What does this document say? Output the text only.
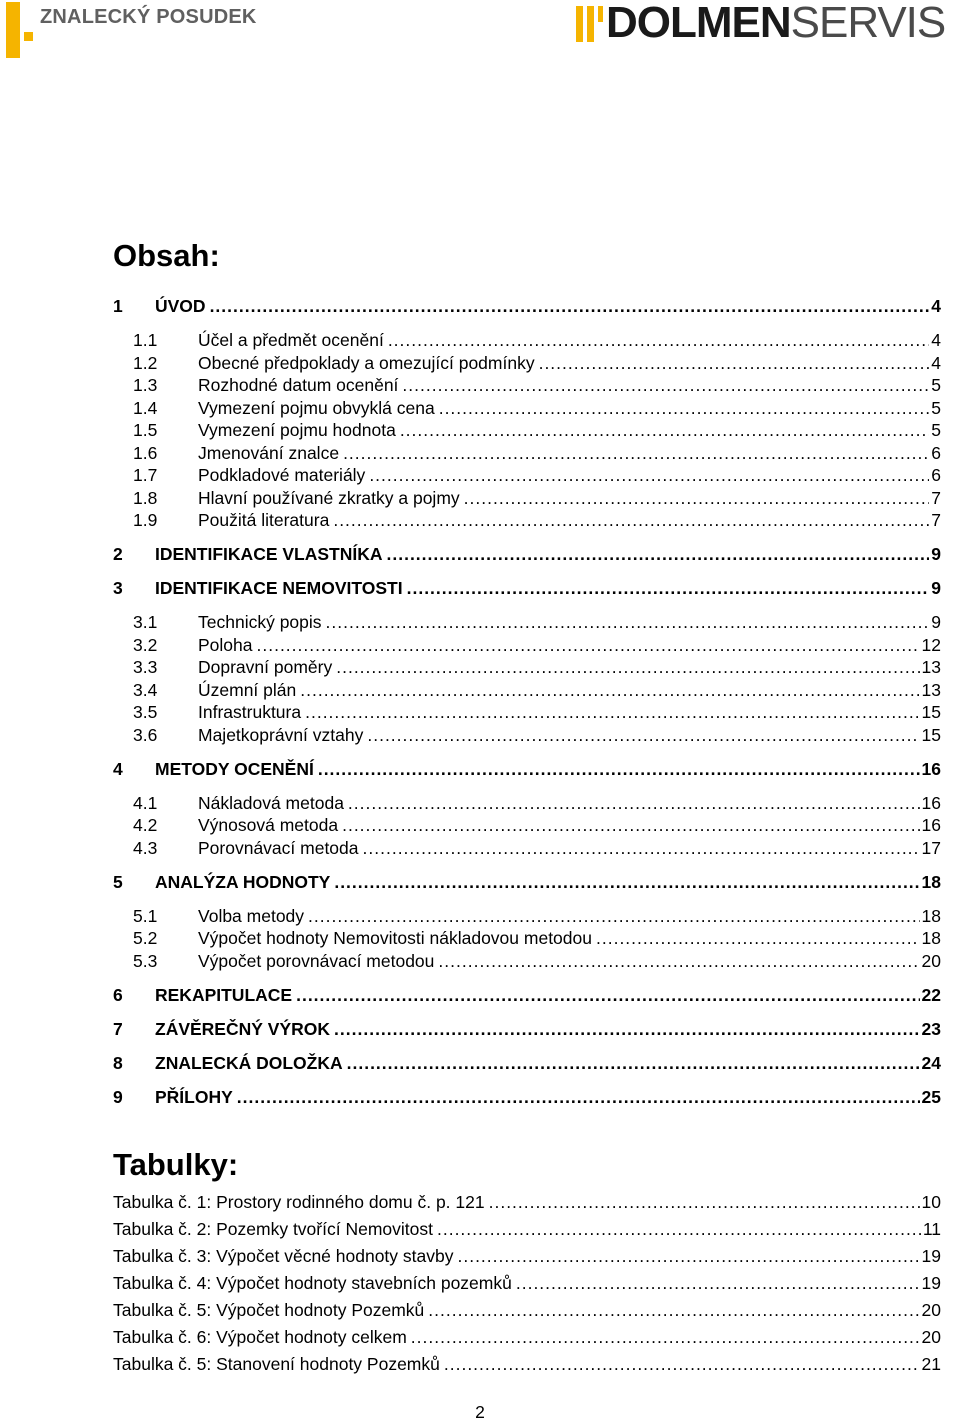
ZNALECKÝ POSUDEK	DOLMENSERVIS
Obsah:
1	ÚVOD .....	4
1.1	Účel a předmět ocenění .....	4
1.2	Obecné předpoklady a omezující podmínky .....	4
1.3	Rozhodné datum ocenění .....	5
1.4	Vymezení pojmu obvyklá cena .....	5
1.5	Vymezení pojmu hodnota .....	5
1.6	Jmenování znalce .....	6
1.7	Podkladové materiály .....	6
1.8	Hlavní používané zkratky a pojmy .....	7
1.9	Použitá literatura .....	7
2	IDENTIFIKACE VLASTNÍKA .....	9
3	IDENTIFIKACE NEMOVITOSTI .....	9
3.1	Technický popis .....	9
3.2	Poloha .....	12
3.3	Dopravní poměry .....	13
3.4	Územní plán .....	13
3.5	Infrastruktura .....	15
3.6	Majetkoprávní vztahy .....	15
4	METODY OCENĚNÍ .....	16
4.1	Nákladová metoda .....	16
4.2	Výnosová metoda .....	16
4.3	Porovnávací metoda .....	17
5	ANALÝZA HODNOTY .....	18
5.1	Volba metody .....	18
5.2	Výpočet hodnoty Nemovitosti nákladovou metodou .....	18
5.3	Výpočet porovnávací metodou .....	20
6	REKAPITULACE .....	22
7	ZÁVĚREČNÝ VÝROK .....	23
8	ZNALECKÁ DOLOŽKA .....	24
9	PŘÍLOHY .....	25
Tabulky:
Tabulka č. 1: Prostory rodinného domu č. p. 121 .....	10
Tabulka č. 2: Pozemky tvořící Nemovitost .....	11
Tabulka č. 3: Výpočet věcné hodnoty stavby .....	19
Tabulka č. 4: Výpočet hodnoty stavebních pozemků .....	19
Tabulka č. 5: Výpočet hodnoty Pozemků .....	20
Tabulka č. 6: Výpočet hodnoty celkem .....	20
Tabulka č. 5: Stanovení hodnoty Pozemků .....	21
2
